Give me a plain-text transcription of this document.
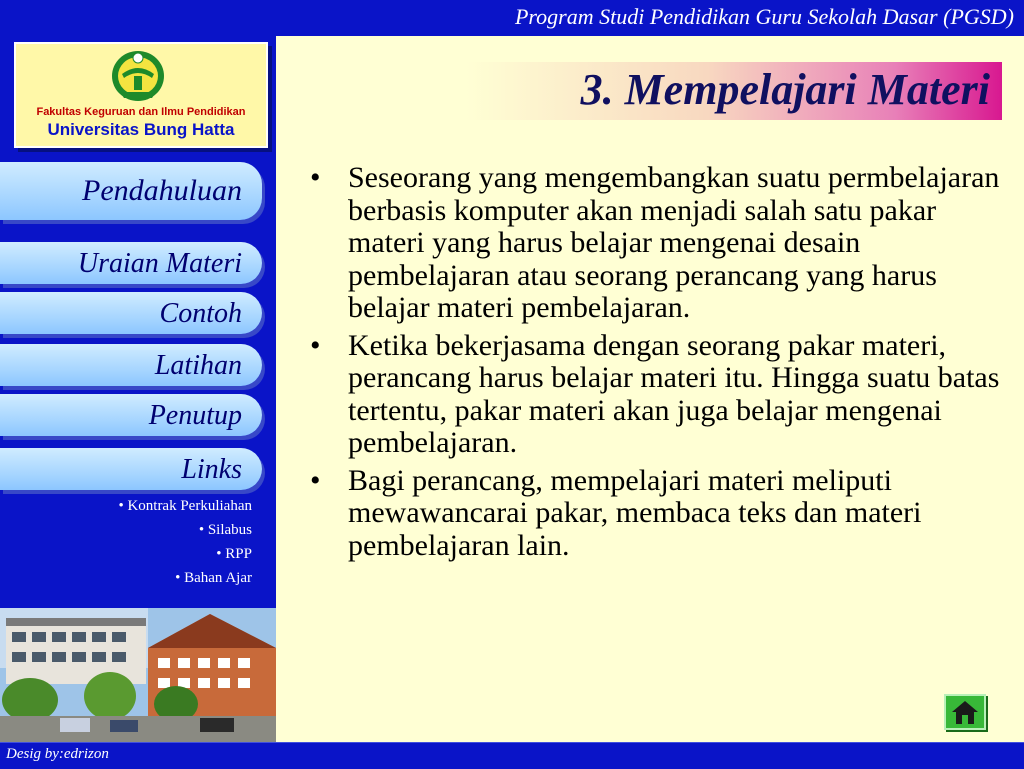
Program Studi Pendidikan Guru Sekolah Dasar (PGSD)
Fakultas Keguruan dan Ilmu Pendidikan
Universitas Bung Hatta
Pendahuluan
Uraian Materi
Contoh
Latihan
Penutup
Links
• Kontrak Perkuliahan
• Silabus
• RPP
• Bahan Ajar
3. Mempelajari Materi
• Seseorang yang mengembangkan suatu permbelajaran berbasis komputer akan menjadi salah satu pakar materi yang harus belajar mengenai desain pembelajaran atau seorang perancang yang harus belajar materi pembelajaran.
• Ketika bekerjasama dengan seorang pakar materi, perancang harus belajar materi itu. Hingga suatu batas tertentu, pakar materi akan juga belajar mengenai pembelajaran.
• Bagi perancang, mempelajari materi meliputi mewawancarai pakar, membaca teks dan materi pembelajaran lain.
Desig by:edrizon
